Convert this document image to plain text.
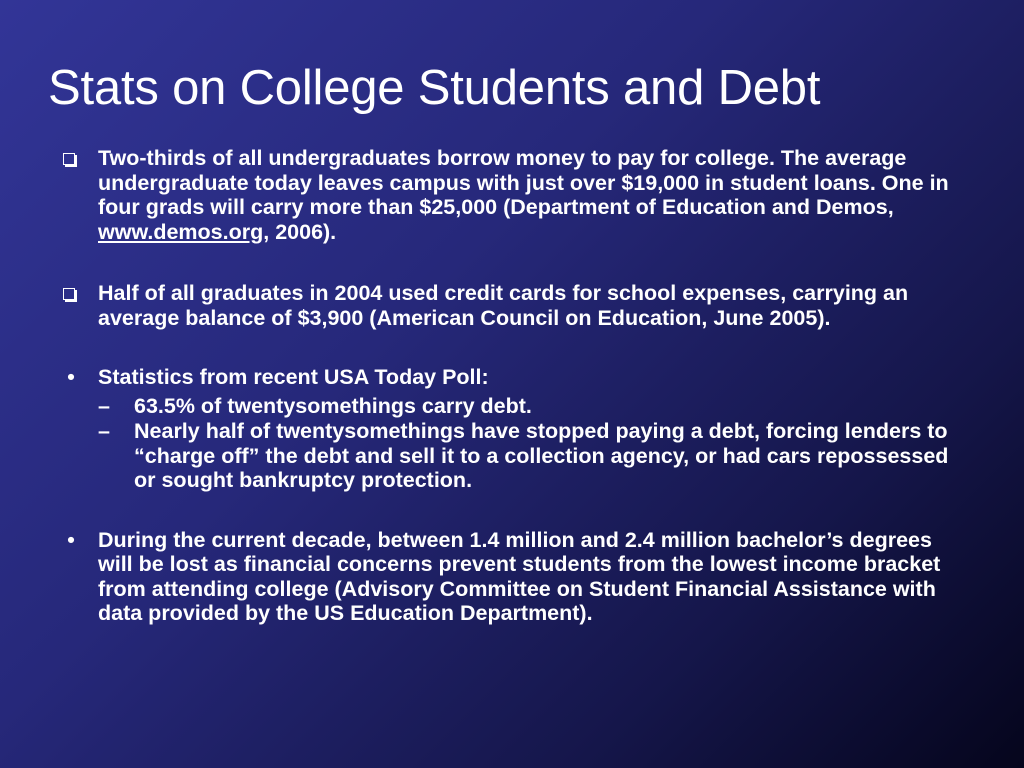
Stats on College Students and Debt
Two-thirds of all undergraduates borrow money to pay for college. The average undergraduate today leaves campus with just over $19,000 in student loans. One in four grads will carry more than $25,000 (Department of Education and Demos, www.demos.org, 2006).
Half of all graduates in 2004 used credit cards for school expenses, carrying an average balance of $3,900 (American Council on Education, June 2005).
•	Statistics from recent USA Today Poll:
–	63.5% of twentysomethings carry debt.
–	Nearly half of twentysomethings have stopped paying a debt, forcing lenders to “charge off” the debt and sell it to a collection agency, or had cars repossessed or sought bankruptcy protection.
•	During the current decade, between 1.4 million and 2.4 million bachelor’s degrees will be lost as financial concerns prevent students from the lowest income bracket from attending college (Advisory Committee on Student Financial Assistance with data provided by the US Education Department).
